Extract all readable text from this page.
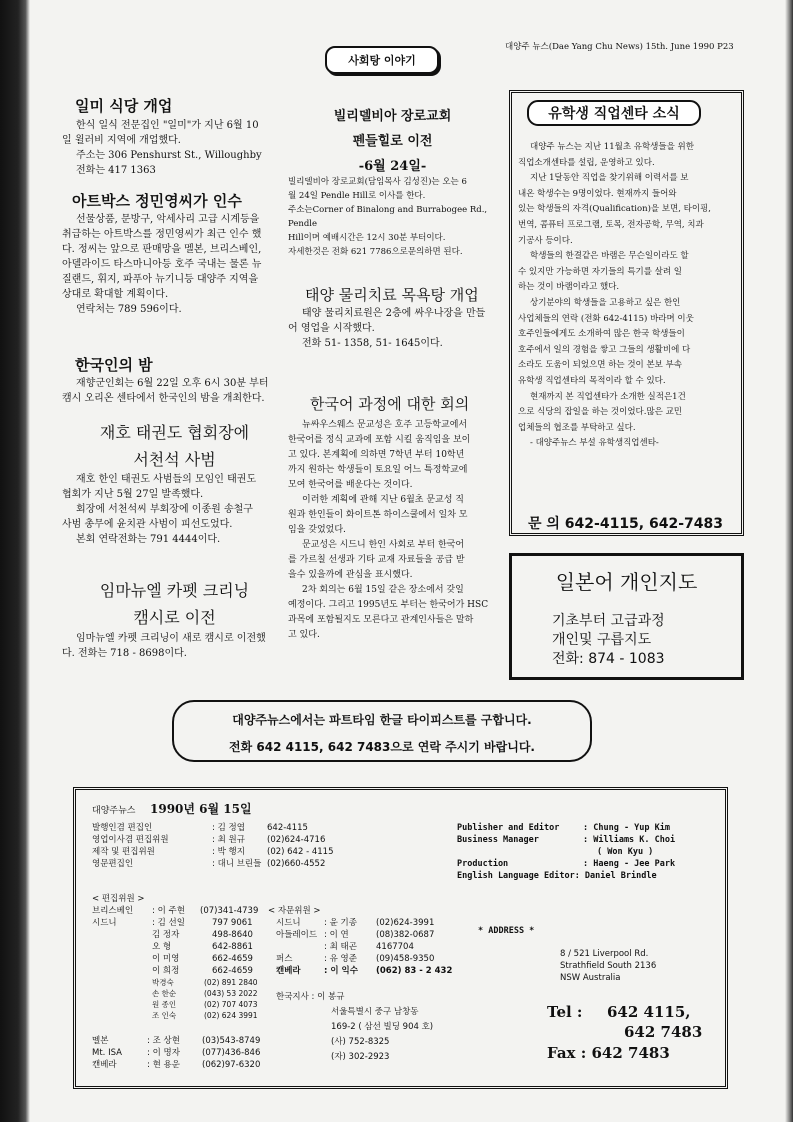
대양주 뉴스(Dae Yang Chu News) 15th. June 1990 P23
사회탕 이야기
일미 식당 개업
한식 일식 전문집인 "일미"가 지난 6월 10
일 윌러비 지역에 개업했다.
주소는 306 Penshurst St., Willoughby
전화는 417 1363
아트박스 정민영씨가 인수
선물상품, 문방구, 악세사리 고급 시계등을
취급하는 아트박스를 정민영씨가 최근 인수 했
다. 정씨는 앞으로 판매망을 멜본, 브리스베인,
아델라이드 타스마니아등 호주 국내는 물론 뉴
질랜드, 휘지, 파푸아 뉴기니등 대양주 지역을
상대로 확대할 계획이다.
연락처는 789 596이다.
한국인의 밤
재향군인회는 6월 22일 오후 6시 30분 부터
캠시 오리온 센타에서 한국인의 밤을 개최한다.
재호 태권도 협회장에
서천석 사범
재호 한인 태권도 사범들의 모임인 태권도
협회가 지난 5월 27일 발족했다.
회장에 서천석씨 부회장에 이종원 송철구
사범 총무에 윤치관 사범이 피선도었다.
본회 연락전화는 791 4444이다.
임마뉴엘 카펫 크리닝
캠시로 이전
임마뉴엘 카펫 크리닝이 새로 캠시로 이전했
다. 전화는 718 - 8698이다.
빌리델비아 장로교회
펜들힐로 이전
-6월 24일-
빌리델비아 장로교회(담임목사 김성진)는 오는 6
월 24일 Pendle Hill로 이사를 한다.
주소는Corner of Binalong and Burrabogee Rd., Pendle
Hill이며 예배시간은 12시 30분 부터이다.
자세한것은 전화 621 7786으로문의하면 된다.
태양 물리치료 목욕탕 개업
태양 물리치료원은 2층에 싸우나장을 만들
어 영업을 시작했다.
전화 51- 1358, 51- 1645이다.
한국어 과정에 대한 회의
뉴싸우스웨스 문교성은 호주 고등학교에서
한국어를 정식 교과에 포함 시킬 움직임을 보이
고 있다. 본계획에 의하면 7학년 부터 10학년
까지 원하는 학생들이 토요일 어느 특정학교에
모여 한국어를 배운다는 것이다.
이러한 계획에 관해 지난 6월초 문교성 직
원과 한인들이 화이트톤 하이스쿨에서 일차 모
임을 갖었었다.
문교성은 시드니 한인 사회로 부터 한국어
를 가르칠 선생과 기타 교재 자료들을 공급 받
을수 있을까에 관심을 표시했다.
2차 회의는 6월 15일 같은 장소에서 갖일
예정이다. 그리고 1995년도 부터는 한국어가 HSC
과목에 포함될지도 모른다고 관계인사들은 말하
고 있다.
유학생 직업센타 소식
대양주 뉴스는 지난 11월초 유학생들을 위한
직업소개센타를 설립, 운영하고 있다.
지난 1달동안 직업을 찾기위해 이력서를 보
내온 학생수는 9명이었다. 현재까지 들어와
있는 학생들의 자격(Qualification)을 보면, 타이핑,
번역, 콤퓨터 프로그램, 토목, 전자공학, 무역, 치과
기공사 등이다.
학생들의 한결같은 바램은 무슨일이라도 할
수 있지만 가능하면 자기들의 특기를 살려 일
하는 것이 바램이라고 했다.
상기분야의 학생들을 고용하고 싶은 한인
사업체들의 연락 (전화 642-4115) 바라며 이웃
호주인들에게도 소개하여 많은 한국 학생들이
호주에서 일의 경험을 쌓고 그들의 생활비에 다
소라도 도움이 되었으면 하는 것이 본보 부속
유학생 직업센타의 목적이라 할 수 있다.
현재까지 본 직업센타가 소개한 실적은1건
으로 식당의 잡일을 하는 것이었다.많은 교민
업체들의 협조를 부탁하고 싶다.
- 대양주뉴스 부설 유학생직업센타-
문 의 642-4115, 642-7483
일본어 개인지도
기초부터 고급과정
개인및 구릅지도
전화: 874 - 1083
대양주뉴스에서는 파트타임 한글 타이피스트를 구합니다.
전화 642 4115, 642 7483으로 연락 주시기 바랍니다.
대양주뉴스 1990년 6월 15일
발행인겸 편집인	: 김 정엽	642-4115
영업이사겸 편집위원	: 최 원규	(02)624-4716
제작 및 편집위원	: 박 행지	(02) 642 - 4115
영문편집인	: 대니 브린들 (02)660-4552
< 편집위원 >
브리스베인	: 이 주현	(07)341-4739
시드니	: 김 선일	797 9061
김 정자	498-8640
오 형	642-8861
이 미영	662-4659
이 희정	662-4659
박경숙	(02) 891 2840
손 한순	(043) 53 2022
원 종인	(02) 707 4073
조 인숙	(02) 624 3991
멜본	: 조 상현	(03)543-8749
Mt. ISA	: 이 명자	(077)436-846
캔베라	: 현 용운	(062)97-6320
< 자문위원 >
시드니	: 윤 기종	(02)624-3991
아들레이드 : 이 연	(08)382-0687
: 최 태곤	4167704
퍼스	: 유 영준	(09)458-9350
캔베라	: 이 익수	(062) 83 - 2 432
한국지사 : 이 봉규
서울특별시 중구 남창동
169-2 ( 삼선 빌딩 904 호)
(사) 752-8325
(자) 302-2923
Publisher and Editor	: Chung - Yup Kim
Business Manager	: Williams K. Choi
( Won Kyu )
Production	: Haeng - Jee Park
English Language Editor: Daniel Brindle
* ADDRESS *
8 / 521 Liverpool Rd.
Strathfield South 2136
NSW Australia
Tel :	642 4115,
642 7483
Fax : 642 7483
